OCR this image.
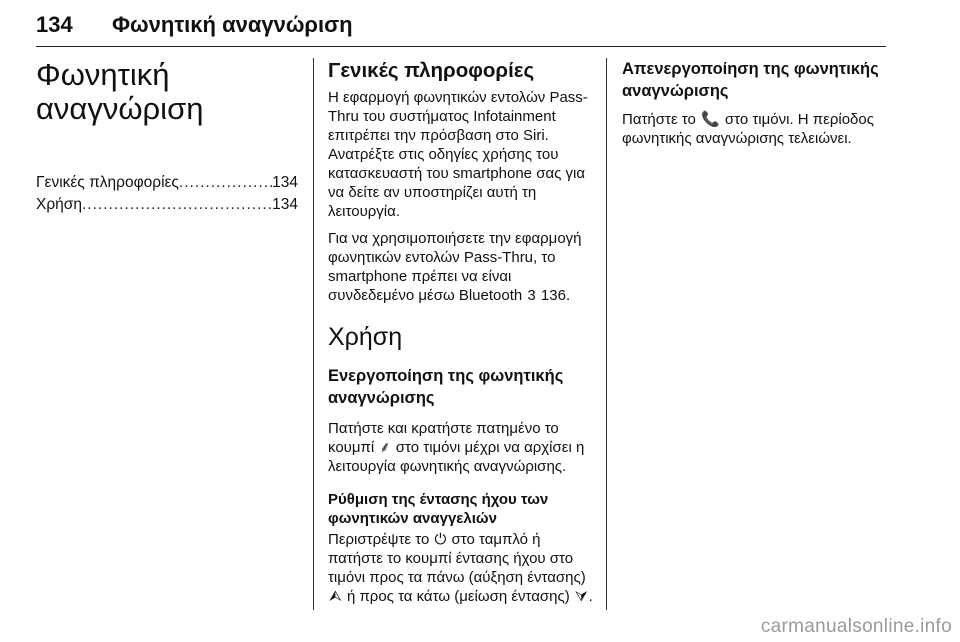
134 Φωνητική αναγνώριση
Φωνητική
αναγνώριση
Γενικές πληροφορίες .....	134
Χρήση .....	134
Γενικές πληροφορίες

Η εφαρμογή φωνητικών εντολών Pass-Thru του συστήματος Infotainment επιτρέπει την πρόσβαση στο Siri. Ανατρέξτε στις οδηγίες χρήσης του κατασκευαστή του smartphone σας για να δείτε αν υποστηρίζει αυτή τη λειτουργία.

Για να χρησιμοποιήσετε την εφαρμογή φωνητικών εντολών Pass-Thru, το smartphone πρέπει να είναι συνδεδεμένο μέσω Bluetooth 3 136.

Χρήση
Ενεργοποίηση της φωνητικής αναγνώρισης

Πατήστε και κρατήστε πατημένο το κουμπί ⸙ στο τιμόνι μέχρι να αρχίσει η λειτουργία φωνητικής αναγνώρισης.

Ρύθμιση της έντασης ήχου των φωνητικών αναγγελιών

Περιστρέψτε το ⏻ στο ταμπλό ή πατήστε το κουμπί έντασης ήχου στο τιμόνι προς τα πάνω (αύξηση έντασης) ⮙ ή προς τα κάτω (μείωση έντασης) ⮛.

Απενεργοποίηση της φωνητικής αναγνώρισης

Πατήστε το 📞 στο τιμόνι. Η περίοδος φωνητικής αναγνώρισης τελειώνει.

carmanualsonline.info
